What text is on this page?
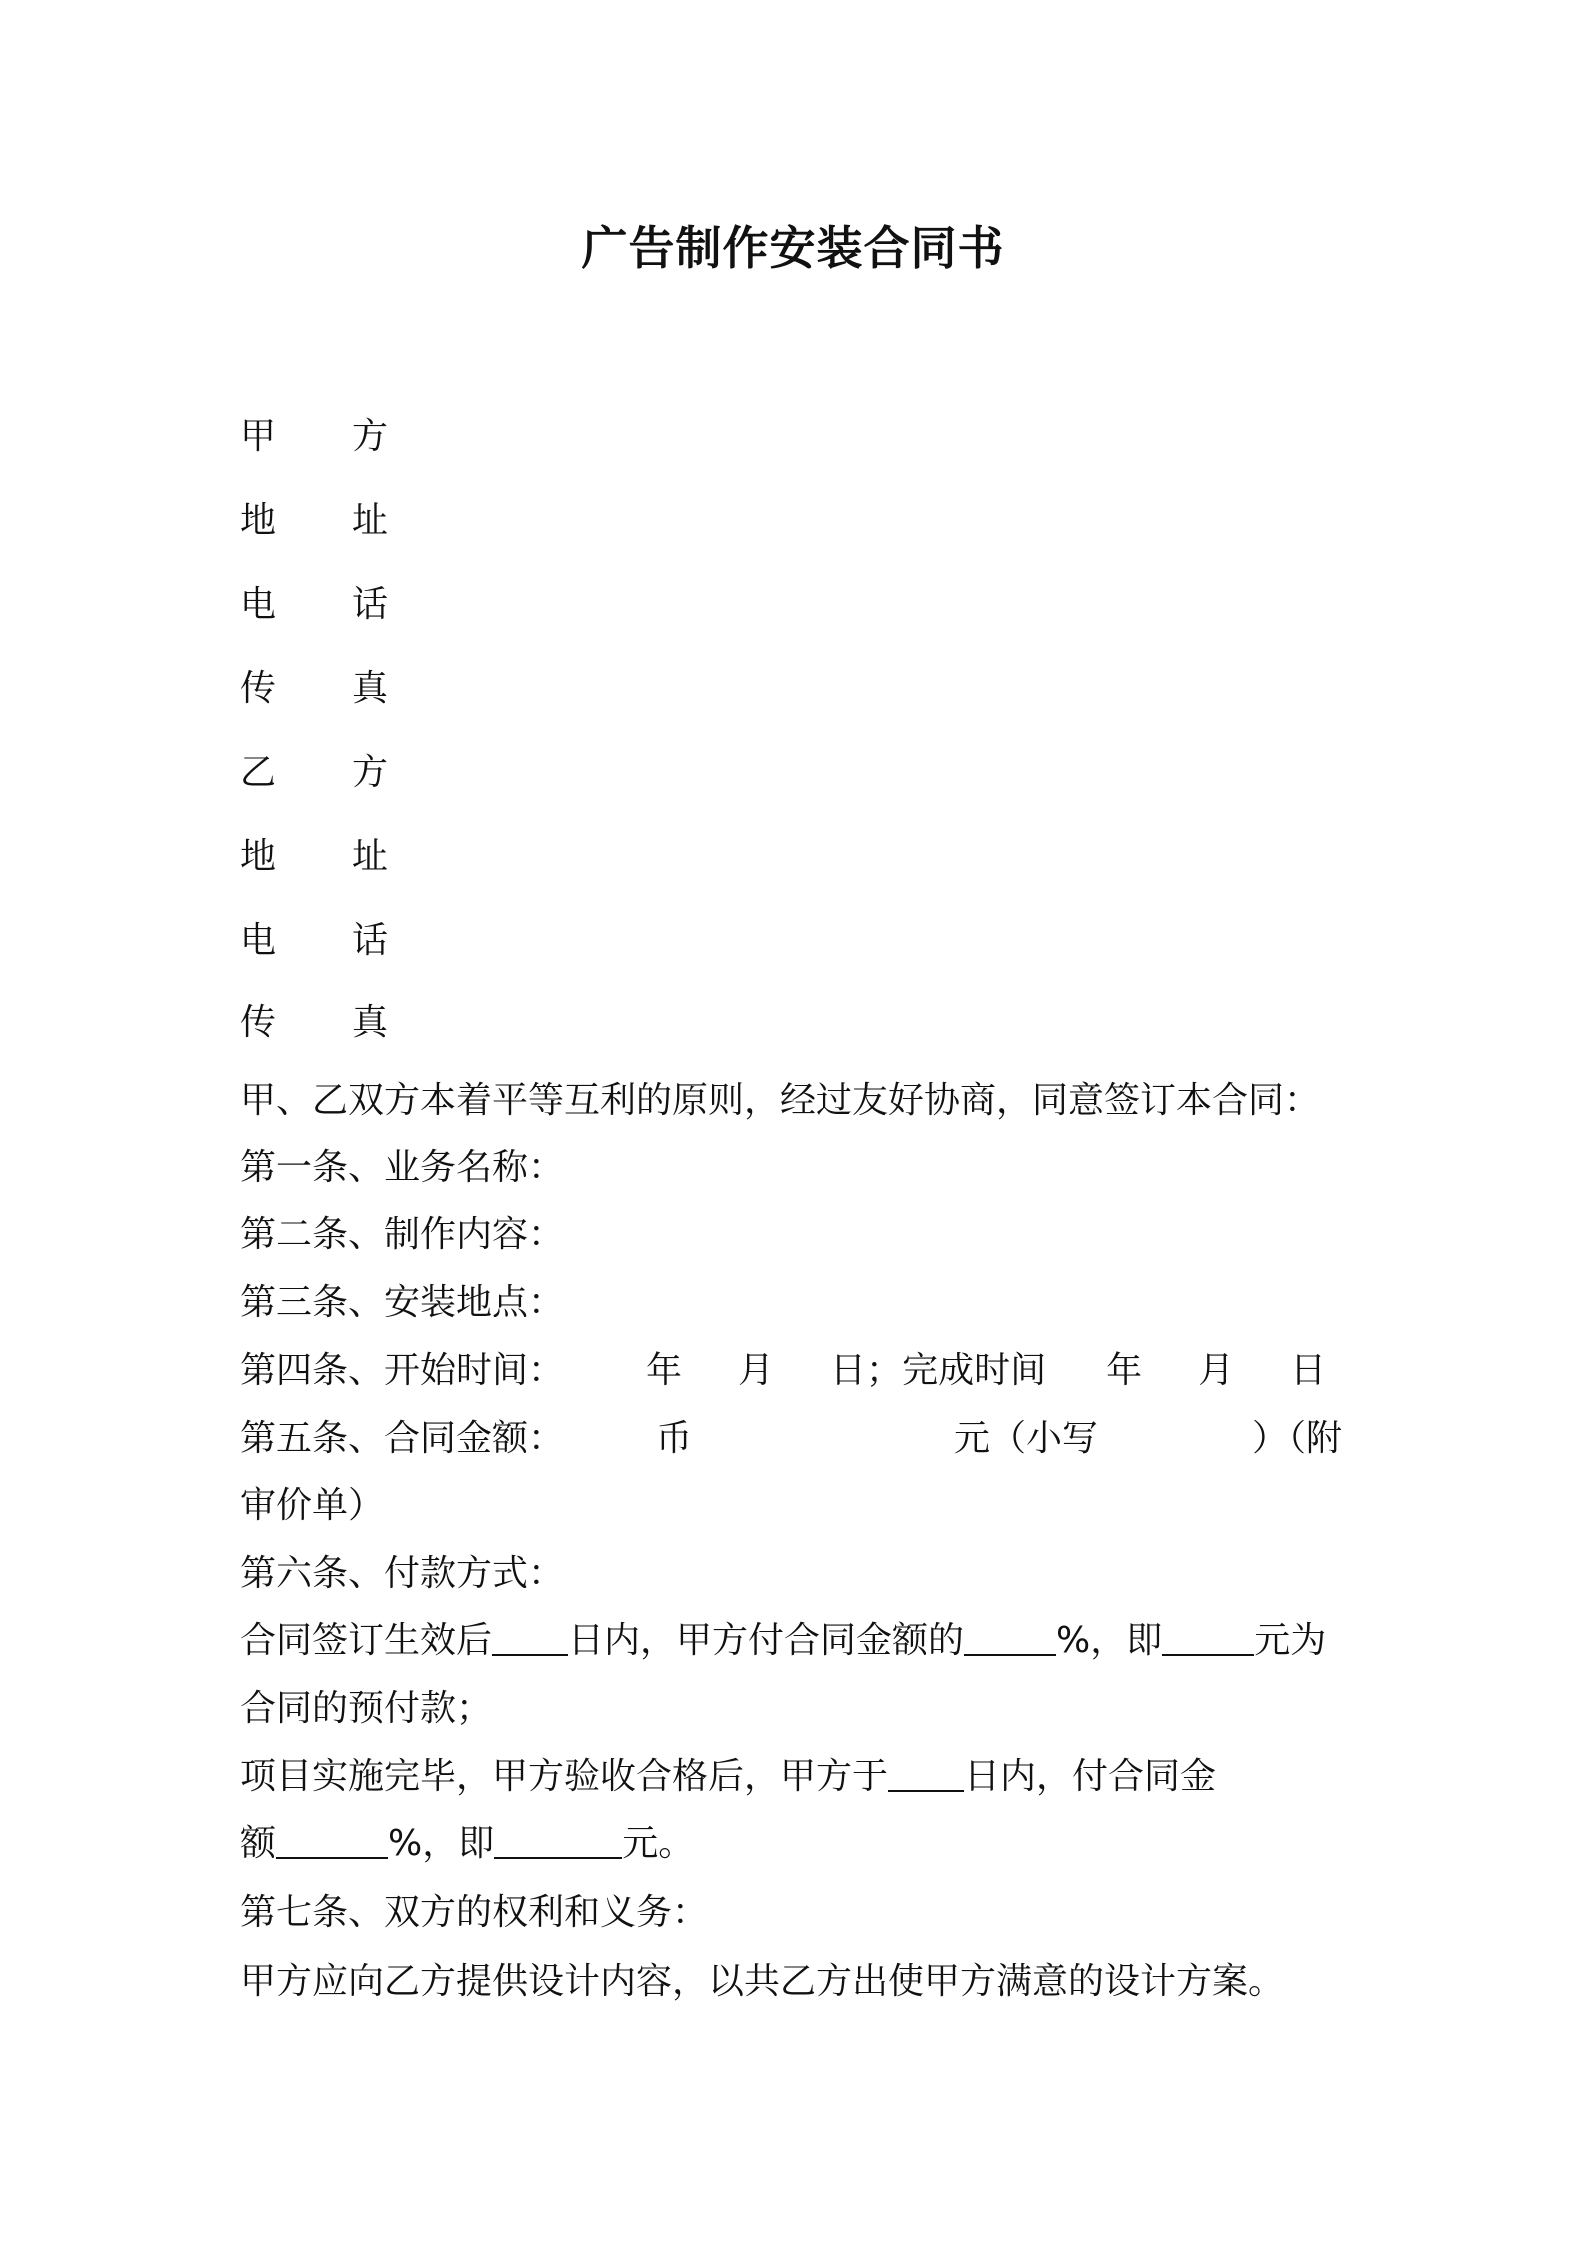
广告制作安装合同书
甲 方
地 址
电 话
传 真
乙 方
地 址
电 话
传 真
甲、乙双方本着平等互利的原则，经过友好协商，同意签订本合同：
第一条、业务名称：
第二条、制作内容：
第三条、安装地点：
第四条、开始时间： 年 月 日；完成时间 年 月 日
第五条、合同金额：	币	元（小写	）（附
审价单）
第六条、付款方式：
合同签订生效后 日内，甲方付合同金额的	%，即	元为
合同的预付款；
项目实施完毕，甲方验收合格后，甲方于 日内，付合同金
额	%，即	元。
第七条、双方的权利和义务：
甲方应向乙方提供设计内容，以共乙方出使甲方满意的设计方案。
